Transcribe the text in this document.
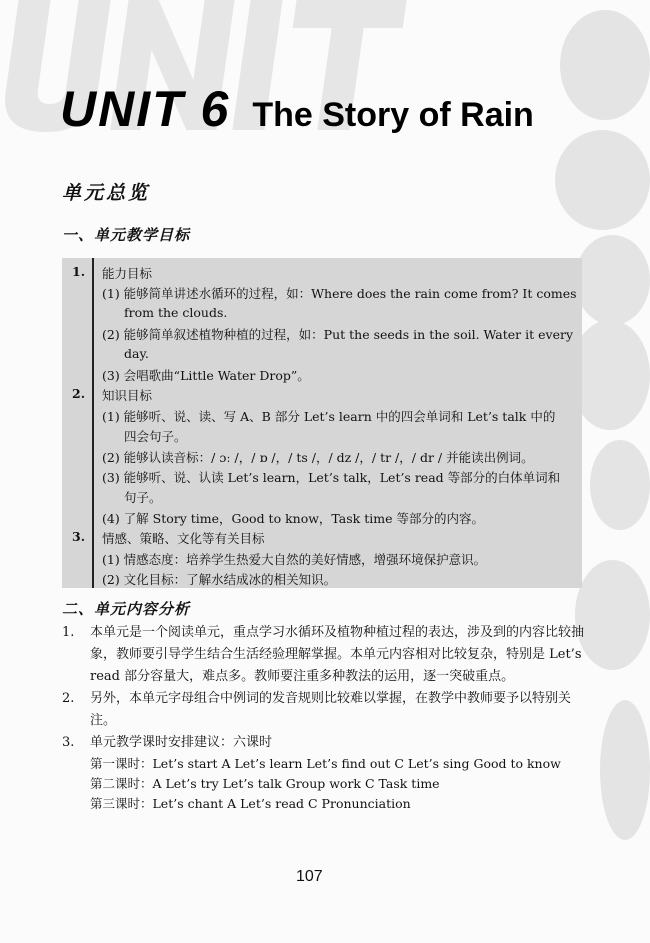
UNIT 6 The Story of Rain
单元总览
一、单元教学目标
1. 能力目标
(1) 能够简单讲述水循环的过程，如：Where does the rain come from? It comes
from the clouds.
(2) 能够简单叙述植物种植的过程，如：Put the seeds in the soil. Water it every
day.
(3) 会唱歌曲“Little Water Drop”。
2. 知识目标
(1) 能够听、说、读、写 A、B 部分 Let’s learn 中的四会单词和 Let’s talk 中的
四会句子。
(2) 能够认读音标：/ ɔː /，/ ɒ /，/ ts /，/ dz /，/ tr /，/ dr / 并能读出例词。
(3) 能够听、说、认读 Let’s learn，Let’s talk，Let’s read 等部分的白体单词和
句子。
(4) 了解 Story time，Good to know，Task time 等部分的内容。
3. 情感、策略、文化等有关目标
(1) 情感态度：培养学生热爱大自然的美好情感，增强环境保护意识。
(2) 文化目标：了解水结成冰的相关知识。
二、单元内容分析
1. 本单元是一个阅读单元，重点学习水循环及植物种植过程的表达，涉及到的内容比较抽象，教师要引导学生结合生活经验理解掌握。本单元内容相对比较复杂，特别是 Let’s read 部分容量大，难点多。教师要注重多种教法的运用，逐一突破重点。
2. 另外，本单元字母组合中例词的发音规则比较难以掌握，在教学中教师要予以特别关注。
3. 单元教学课时安排建议：六课时
第一课时：Let’s start A Let’s learn Let’s find out C Let’s sing Good to know
第二课时：A Let’s try Let’s talk Group work C Task time
第三课时：Let’s chant A Let’s read C Pronunciation
107
